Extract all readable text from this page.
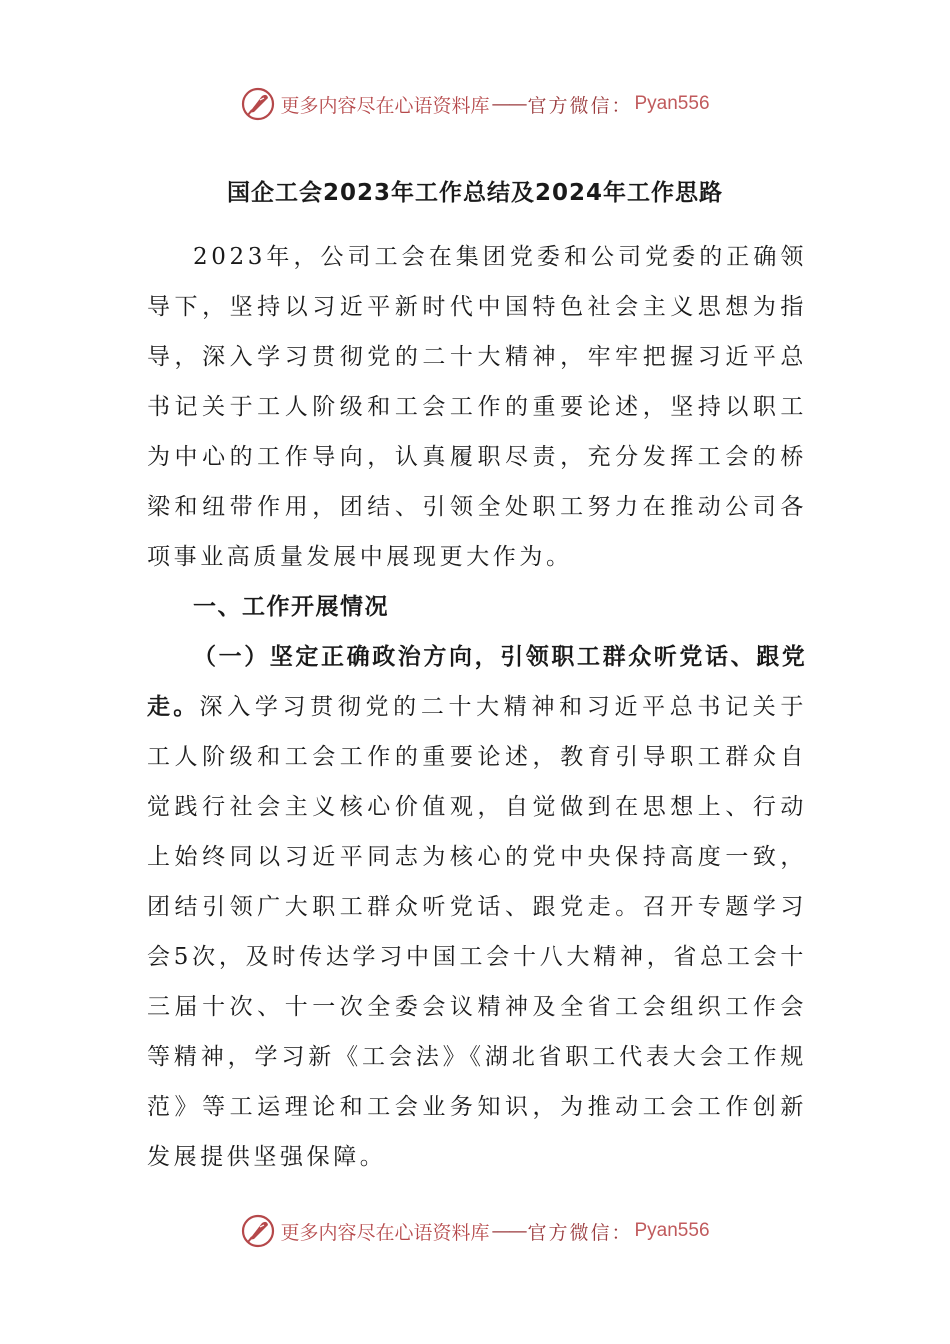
更多内容尽在心语资料库 —— 官方微信： Pyan556
国企工会2023年工作总结及2024年工作思路

2023年，公司工会在集团党委和公司党委的正确领导下，坚持以习近平新时代中国特色社会主义思想为指导，深入学习贯彻党的二十大精神，牢牢把握习近平总书记关于工人阶级和工会工作的重要论述，坚持以职工为中心的工作导向，认真履职尽责，充分发挥工会的桥梁和纽带作用，团结、引领全处职工努力在推动公司各项事业高质量发展中展现更大作为。

一、工作开展情况

（一）坚定正确政治方向，引领职工群众听党话、跟党走。深入学习贯彻党的二十大精神和习近平总书记关于工人阶级和工会工作的重要论述，教育引导职工群众自觉践行社会主义核心价值观，自觉做到在思想上、行动上始终同以习近平同志为核心的党中央保持高度一致，团结引领广大职工群众听党话、跟党走。召开专题学习会5次，及时传达学习中国工会十八大精神，省总工会十三届十次、十一次全委会议精神及全省工会组织工作会等精神，学习新《工会法》《湖北省职工代表大会工作规范》等工运理论和工会业务知识，为推动工会工作创新发展提供坚强保障。

更多内容尽在心语资料库 —— 官方微信： Pyan556
